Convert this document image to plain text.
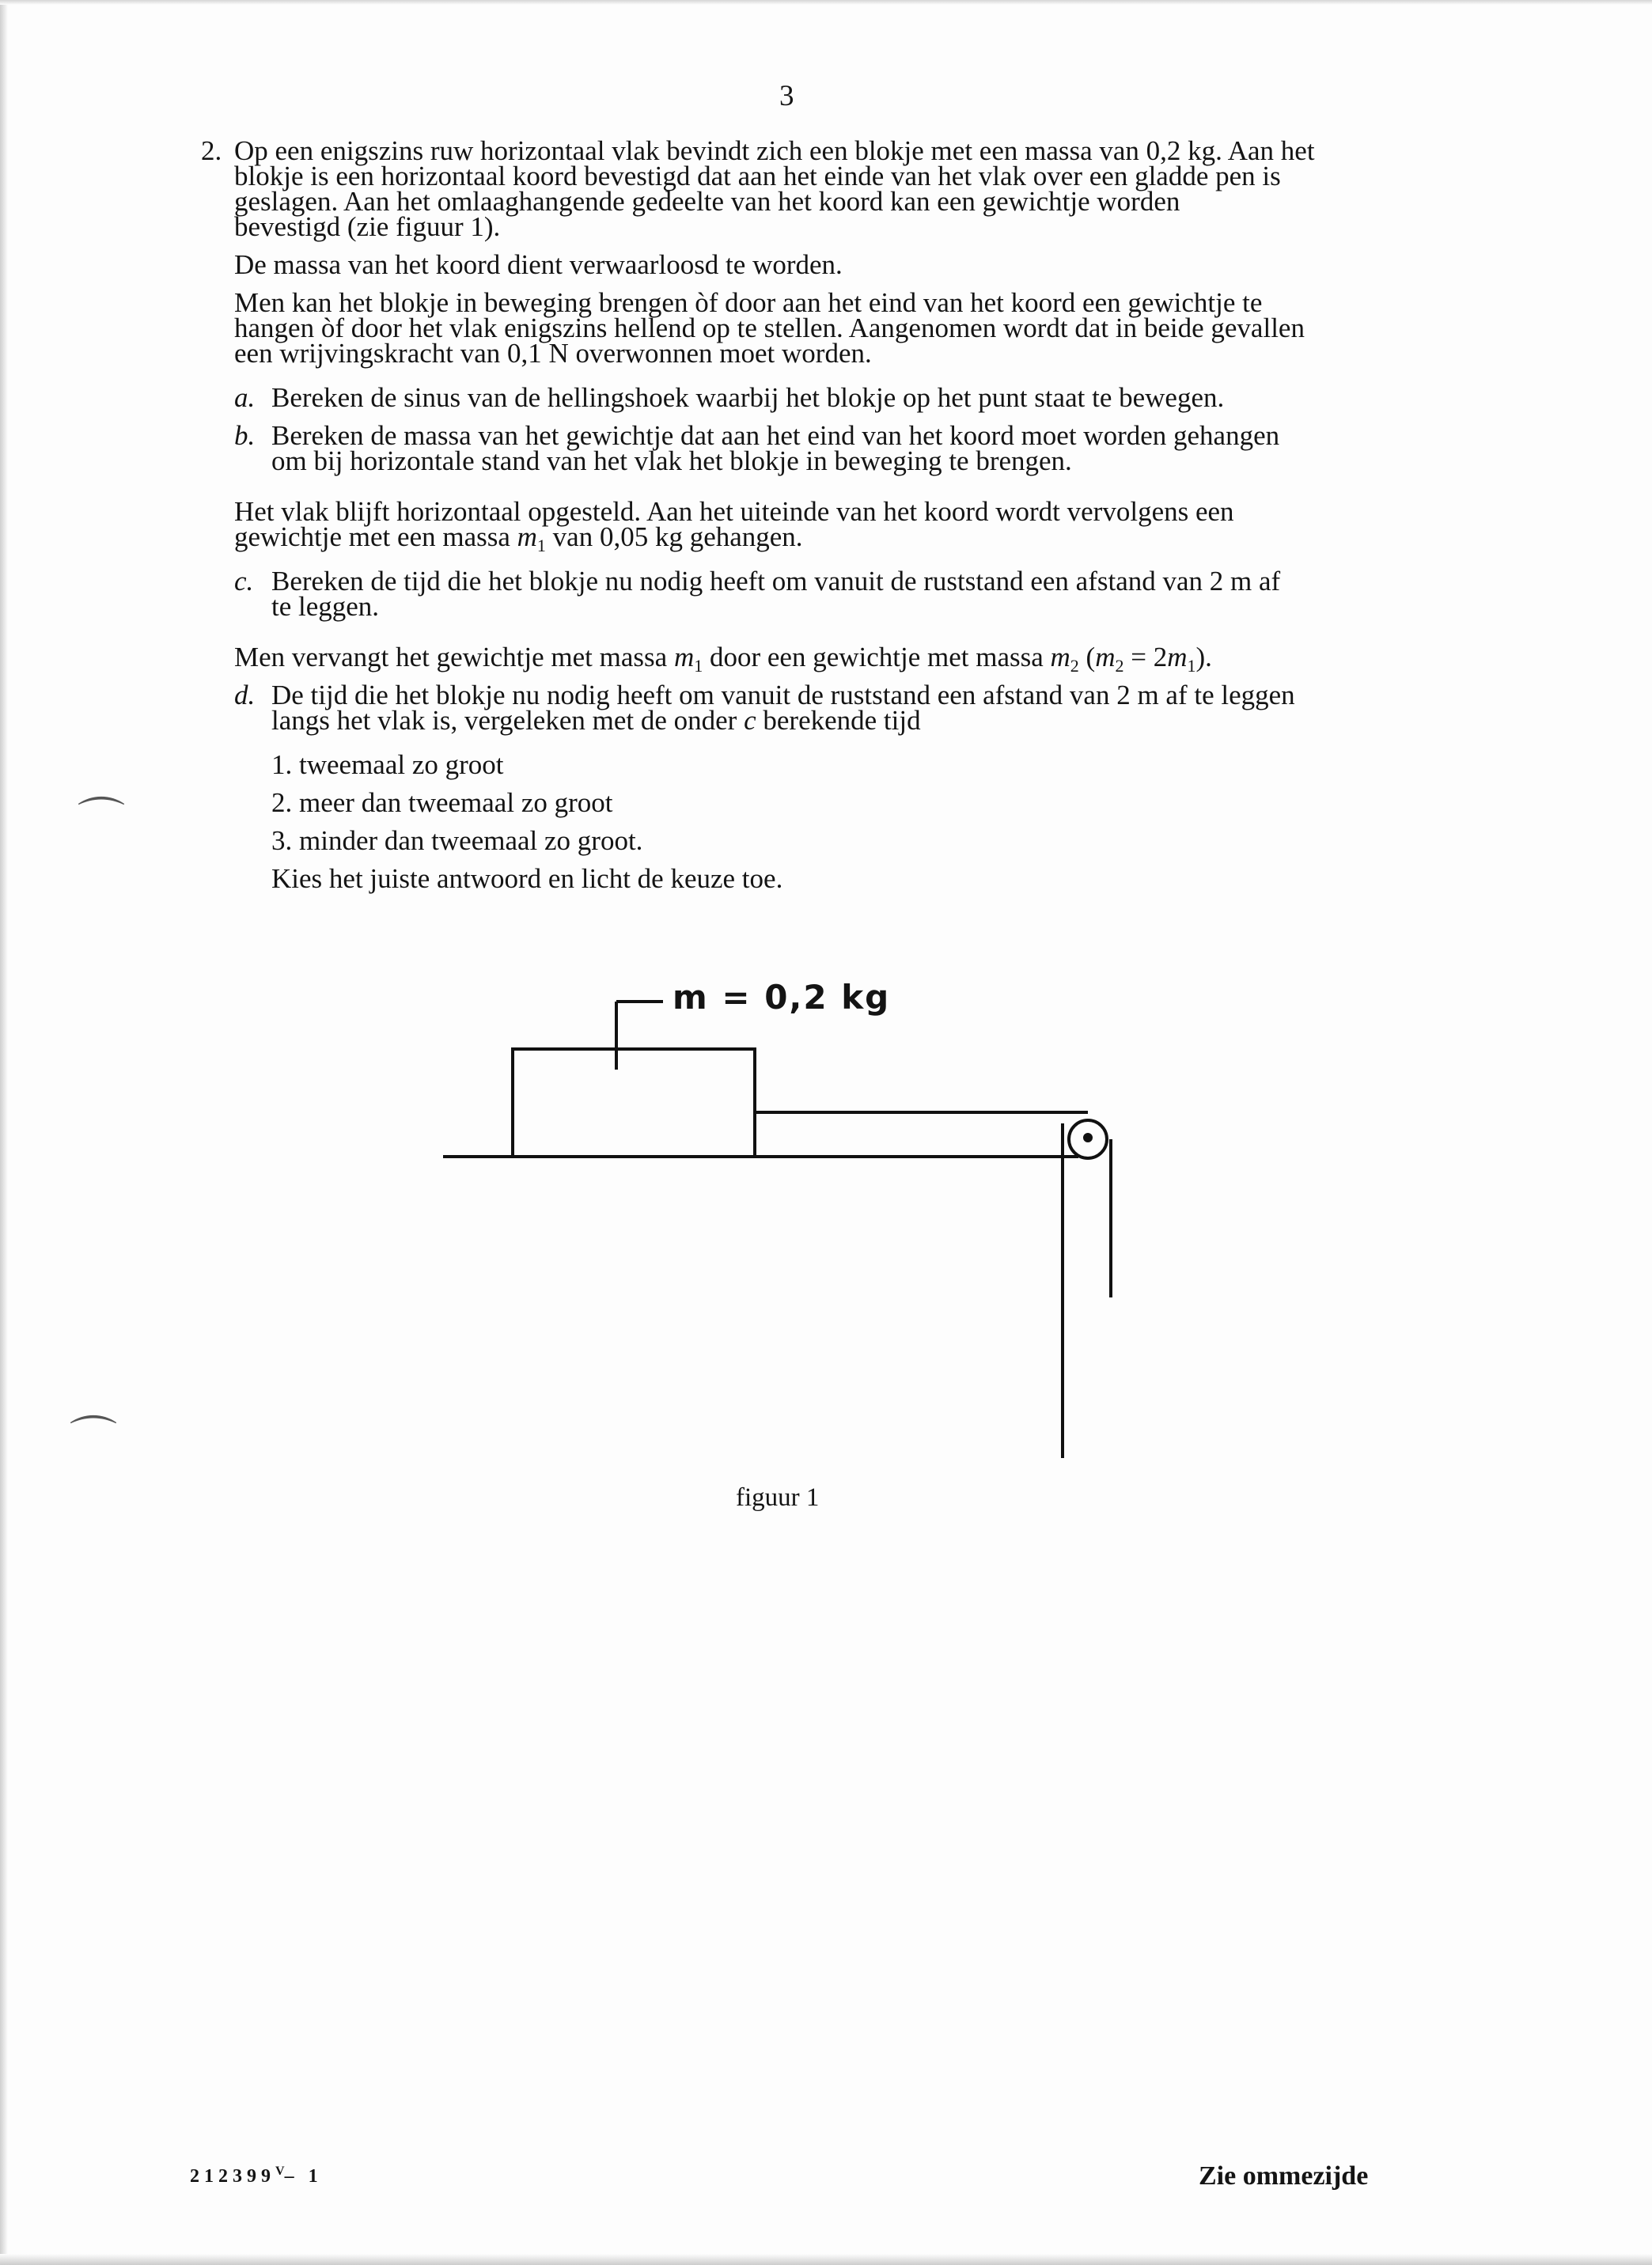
⌒
⌒
3
2. Op een enigszins ruw horizontaal vlak bevindt zich een blokje met een massa van 0,2 kg. Aan het
blokje is een horizontaal koord bevestigd dat aan het einde van het vlak over een gladde pen is
geslagen. Aan het omlaaghangende gedeelte van het koord kan een gewichtje worden
bevestigd (zie figuur 1).
De massa van het koord dient verwaarloosd te worden.
Men kan het blokje in beweging brengen òf door aan het eind van het koord een gewichtje te
hangen òf door het vlak enigszins hellend op te stellen. Aangenomen wordt dat in beide gevallen
een wrijvingskracht van 0,1 N overwonnen moet worden.
a. Bereken de sinus van de hellingshoek waarbij het blokje op het punt staat te bewegen.
b. Bereken de massa van het gewichtje dat aan het eind van het koord moet worden gehangen
om bij horizontale stand van het vlak het blokje in beweging te brengen.
Het vlak blijft horizontaal opgesteld. Aan het uiteinde van het koord wordt vervolgens een
gewichtje met een massa $m_1$ van 0,05 kg gehangen.
c. Bereken de tijd die het blokje nu nodig heeft om vanuit de ruststand een afstand van 2 m af
te leggen.
Men vervangt het gewichtje met massa $m_1$ door een gewichtje met massa $m_2$ $(m_2 = 2m_1)$.
d. De tijd die het blokje nu nodig heeft om vanuit de ruststand een afstand van 2 m af te leggen
langs het vlak is, vergeleken met de onder c berekende tijd
1. tweemaal zo groot
2. meer dan tweemaal zo groot
3. minder dan tweemaal zo groot.
Kies het juiste antwoord en licht de keuze toe.
m = 0,2 kg
figuur 1
$212399^V-$ 1	Zie ommezijde
